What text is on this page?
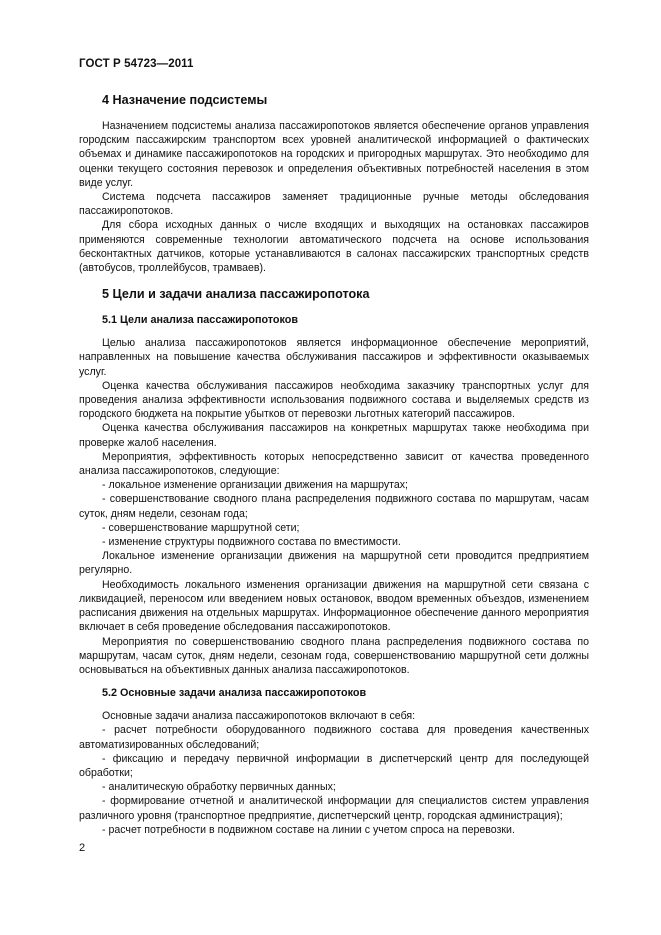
ГОСТ Р 54723—2011
4 Назначение подсистемы

Назначением подсистемы анализа пассажиропотоков является обеспечение органов управления городским пассажирским транспортом всех уровней аналитической информацией о фактических объемах и динамике пассажиропотоков на городских и пригородных маршрутах. Это необходимо для оценки текущего состояния перевозок и определения объективных потребностей населения в этом виде услуг.

Система подсчета пассажиров заменяет традиционные ручные методы обследования пассажиропотоков.

Для сбора исходных данных о числе входящих и выходящих на остановках пассажиров применяются современные технологии автоматического подсчета на основе использования бесконтактных датчиков, которые устанавливаются в салонах пассажирских транспортных средств (автобусов, троллейбусов, трамваев).

5 Цели и задачи анализа пассажиропотока
5.1 Цели анализа пассажиропотоков

Целью анализа пассажиропотоков является информационное обеспечение мероприятий, направленных на повышение качества обслуживания пассажиров и эффективности оказываемых услуг.

Оценка качества обслуживания пассажиров необходима заказчику транспортных услуг для проведения анализа эффективности использования подвижного состава и выделяемых средств из городского бюджета на покрытие убытков от перевозки льготных категорий пассажиров.

Оценка качества обслуживания пассажиров на конкретных маршрутах также необходима при проверке жалоб населения.

Мероприятия, эффективность которых непосредственно зависит от качества проведенного анализа пассажиропотоков, следующие:

- локальное изменение организации движения на маршрутах;

- совершенствование сводного плана распределения подвижного состава по маршрутам, часам суток, дням недели, сезонам года;

- совершенствование маршрутной сети;

- изменение структуры подвижного состава по вместимости.

Локальное изменение организации движения на маршрутной сети проводится предприятием регулярно.

Необходимость локального изменения организации движения на маршрутной сети связана с ликвидацией, переносом или введением новых остановок, вводом временных объездов, изменением расписания движения на отдельных маршрутах. Информационное обеспечение данного мероприятия включает в себя проведение обследования пассажиропотоков.

Мероприятия по совершенствованию сводного плана распределения подвижного состава по маршрутам, часам суток, дням недели, сезонам года, совершенствованию маршрутной сети должны основываться на объективных данных анализа пассажиропотоков.

5.2 Основные задачи анализа пассажиропотоков

Основные задачи анализа пассажиропотоков включают в себя:

- расчет потребности оборудованного подвижного состава для проведения качественных автоматизированных обследований;

- фиксацию и передачу первичной информации в диспетчерский центр для последующей обработки;

- аналитическую обработку первичных данных;

- формирование отчетной и аналитической информации для специалистов систем управления различного уровня (транспортное предприятие, диспетчерский центр, городская администрация);

- расчет потребности в подвижном составе на линии с учетом спроса на перевозки.

2
